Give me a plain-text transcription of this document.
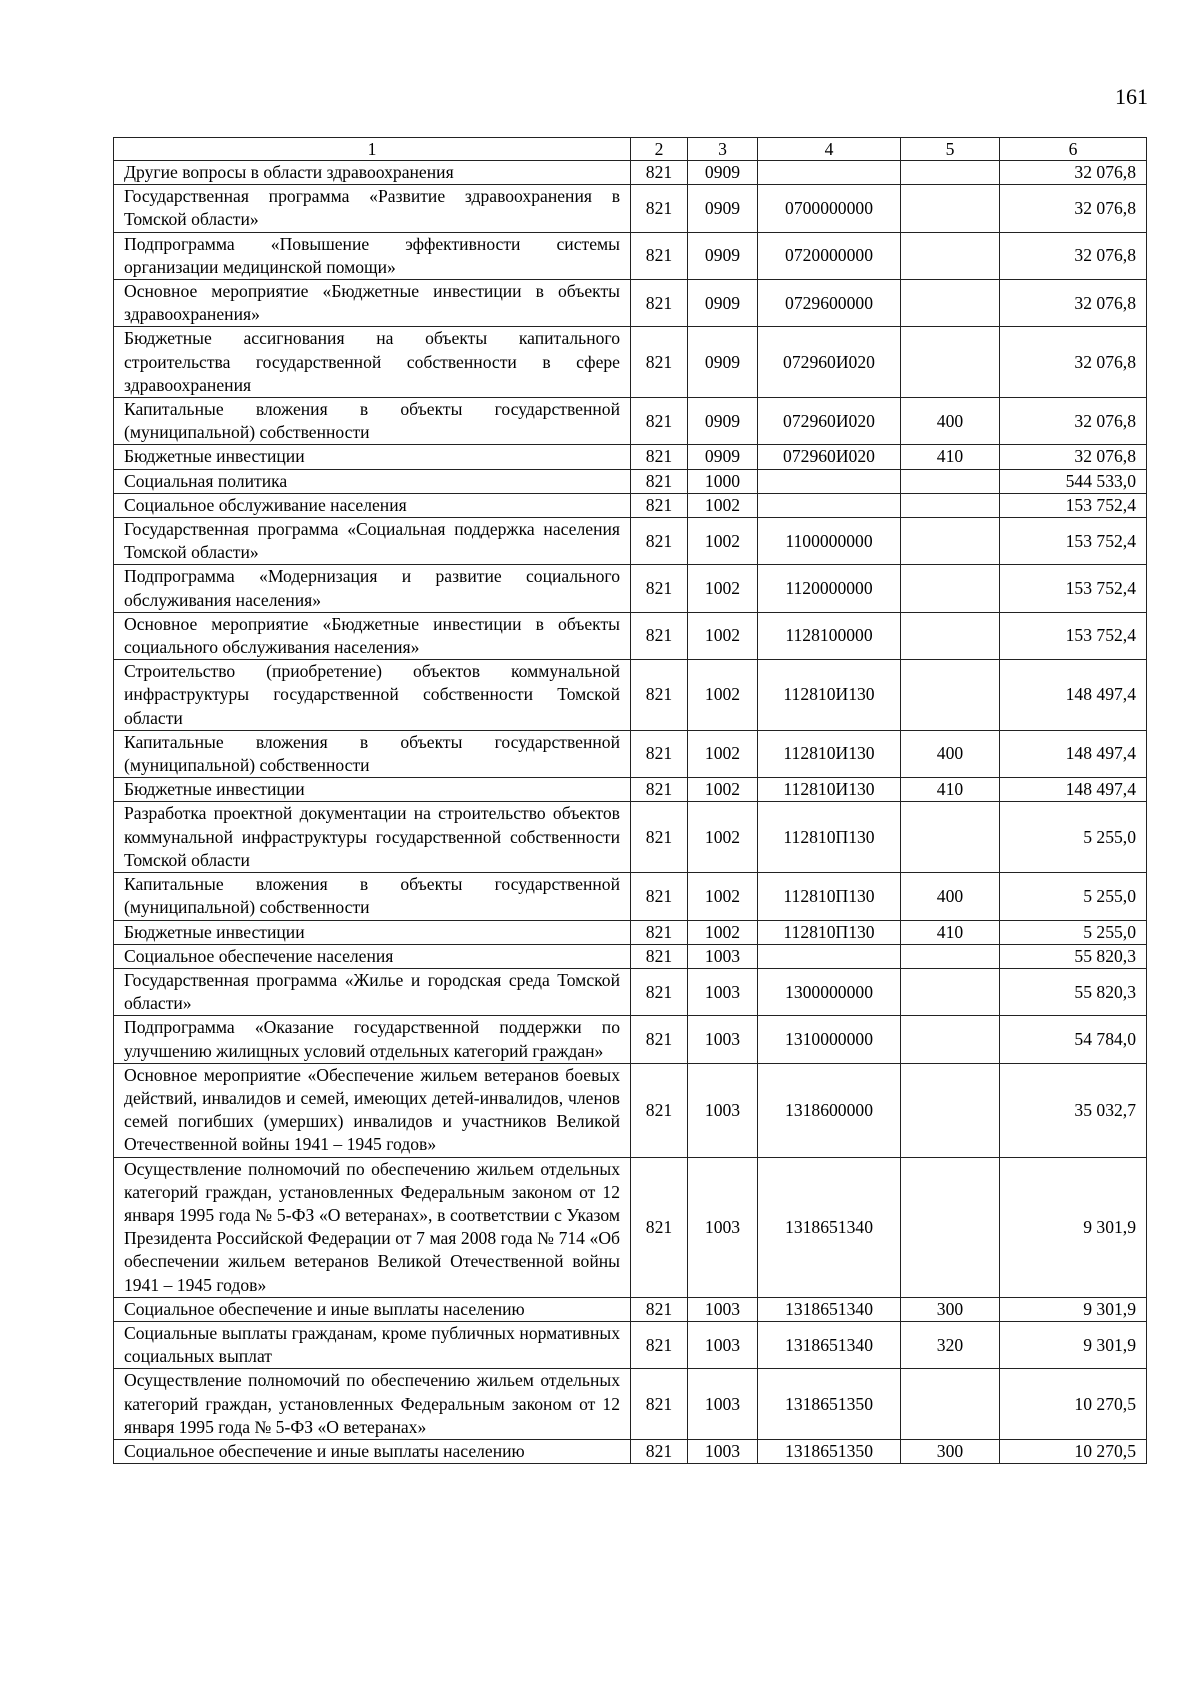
161
1	2	3	4	5	6
Другие вопросы в области здравоохранения	821	0909			32 076,8
Государственная программа «Развитие здравоохранения в Томской области»	821	0909	0700000000		32 076,8
Подпрограмма «Повышение эффективности системы организации медицинской помощи»	821	0909	0720000000		32 076,8
Основное мероприятие «Бюджетные инвестиции в объекты здравоохранения»	821	0909	0729600000		32 076,8
Бюджетные ассигнования на объекты капитального строительства государственной собственности в сфере здравоохранения	821	0909	072960И020		32 076,8
Капитальные вложения в объекты государственной (муниципальной) собственности	821	0909	072960И020	400	32 076,8
Бюджетные инвестиции	821	0909	072960И020	410	32 076,8
Социальная политика	821	1000			544 533,0
Социальное обслуживание населения	821	1002			153 752,4
Государственная программа «Социальная поддержка населения Томской области»	821	1002	1100000000		153 752,4
Подпрограмма «Модернизация и развитие социального обслуживания населения»	821	1002	1120000000		153 752,4
Основное мероприятие «Бюджетные инвестиции в объекты социального обслуживания населения»	821	1002	1128100000		153 752,4
Строительство (приобретение) объектов коммунальной инфраструктуры государственной собственности Томской области	821	1002	112810И130		148 497,4
Капитальные вложения в объекты государственной (муниципальной) собственности	821	1002	112810И130	400	148 497,4
Бюджетные инвестиции	821	1002	112810И130	410	148 497,4
Разработка проектной документации на строительство объектов коммунальной инфраструктуры государственной собственности Томской области	821	1002	112810П130		5 255,0
Капитальные вложения в объекты государственной (муниципальной) собственности	821	1002	112810П130	400	5 255,0
Бюджетные инвестиции	821	1002	112810П130	410	5 255,0
Социальное обеспечение населения	821	1003			55 820,3
Государственная программа «Жилье и городская среда Томской области»	821	1003	1300000000		55 820,3
Подпрограмма «Оказание государственной поддержки по улучшению жилищных условий отдельных категорий граждан»	821	1003	1310000000		54 784,0
Основное мероприятие «Обеспечение жильем ветеранов боевых действий, инвалидов и семей, имеющих детей-инвалидов, членов семей погибших (умерших) инвалидов и участников Великой Отечественной войны 1941 – 1945 годов»	821	1003	1318600000		35 032,7
Осуществление полномочий по обеспечению жильем отдельных категорий граждан, установленных Федеральным законом от 12 января 1995 года № 5-ФЗ «О ветеранах», в соответствии с Указом Президента Российской Федерации от 7 мая 2008 года № 714 «Об обеспечении жильем ветеранов Великой Отечественной войны 1941 – 1945 годов»	821	1003	1318651340		9 301,9
Социальное обеспечение и иные выплаты населению	821	1003	1318651340	300	9 301,9
Социальные выплаты гражданам, кроме публичных нормативных социальных выплат	821	1003	1318651340	320	9 301,9
Осуществление полномочий по обеспечению жильем отдельных категорий граждан, установленных Федеральным законом от 12 января 1995 года № 5-ФЗ «О ветеранах»	821	1003	1318651350		10 270,5
Социальное обеспечение и иные выплаты населению	821	1003	1318651350	300	10 270,5
